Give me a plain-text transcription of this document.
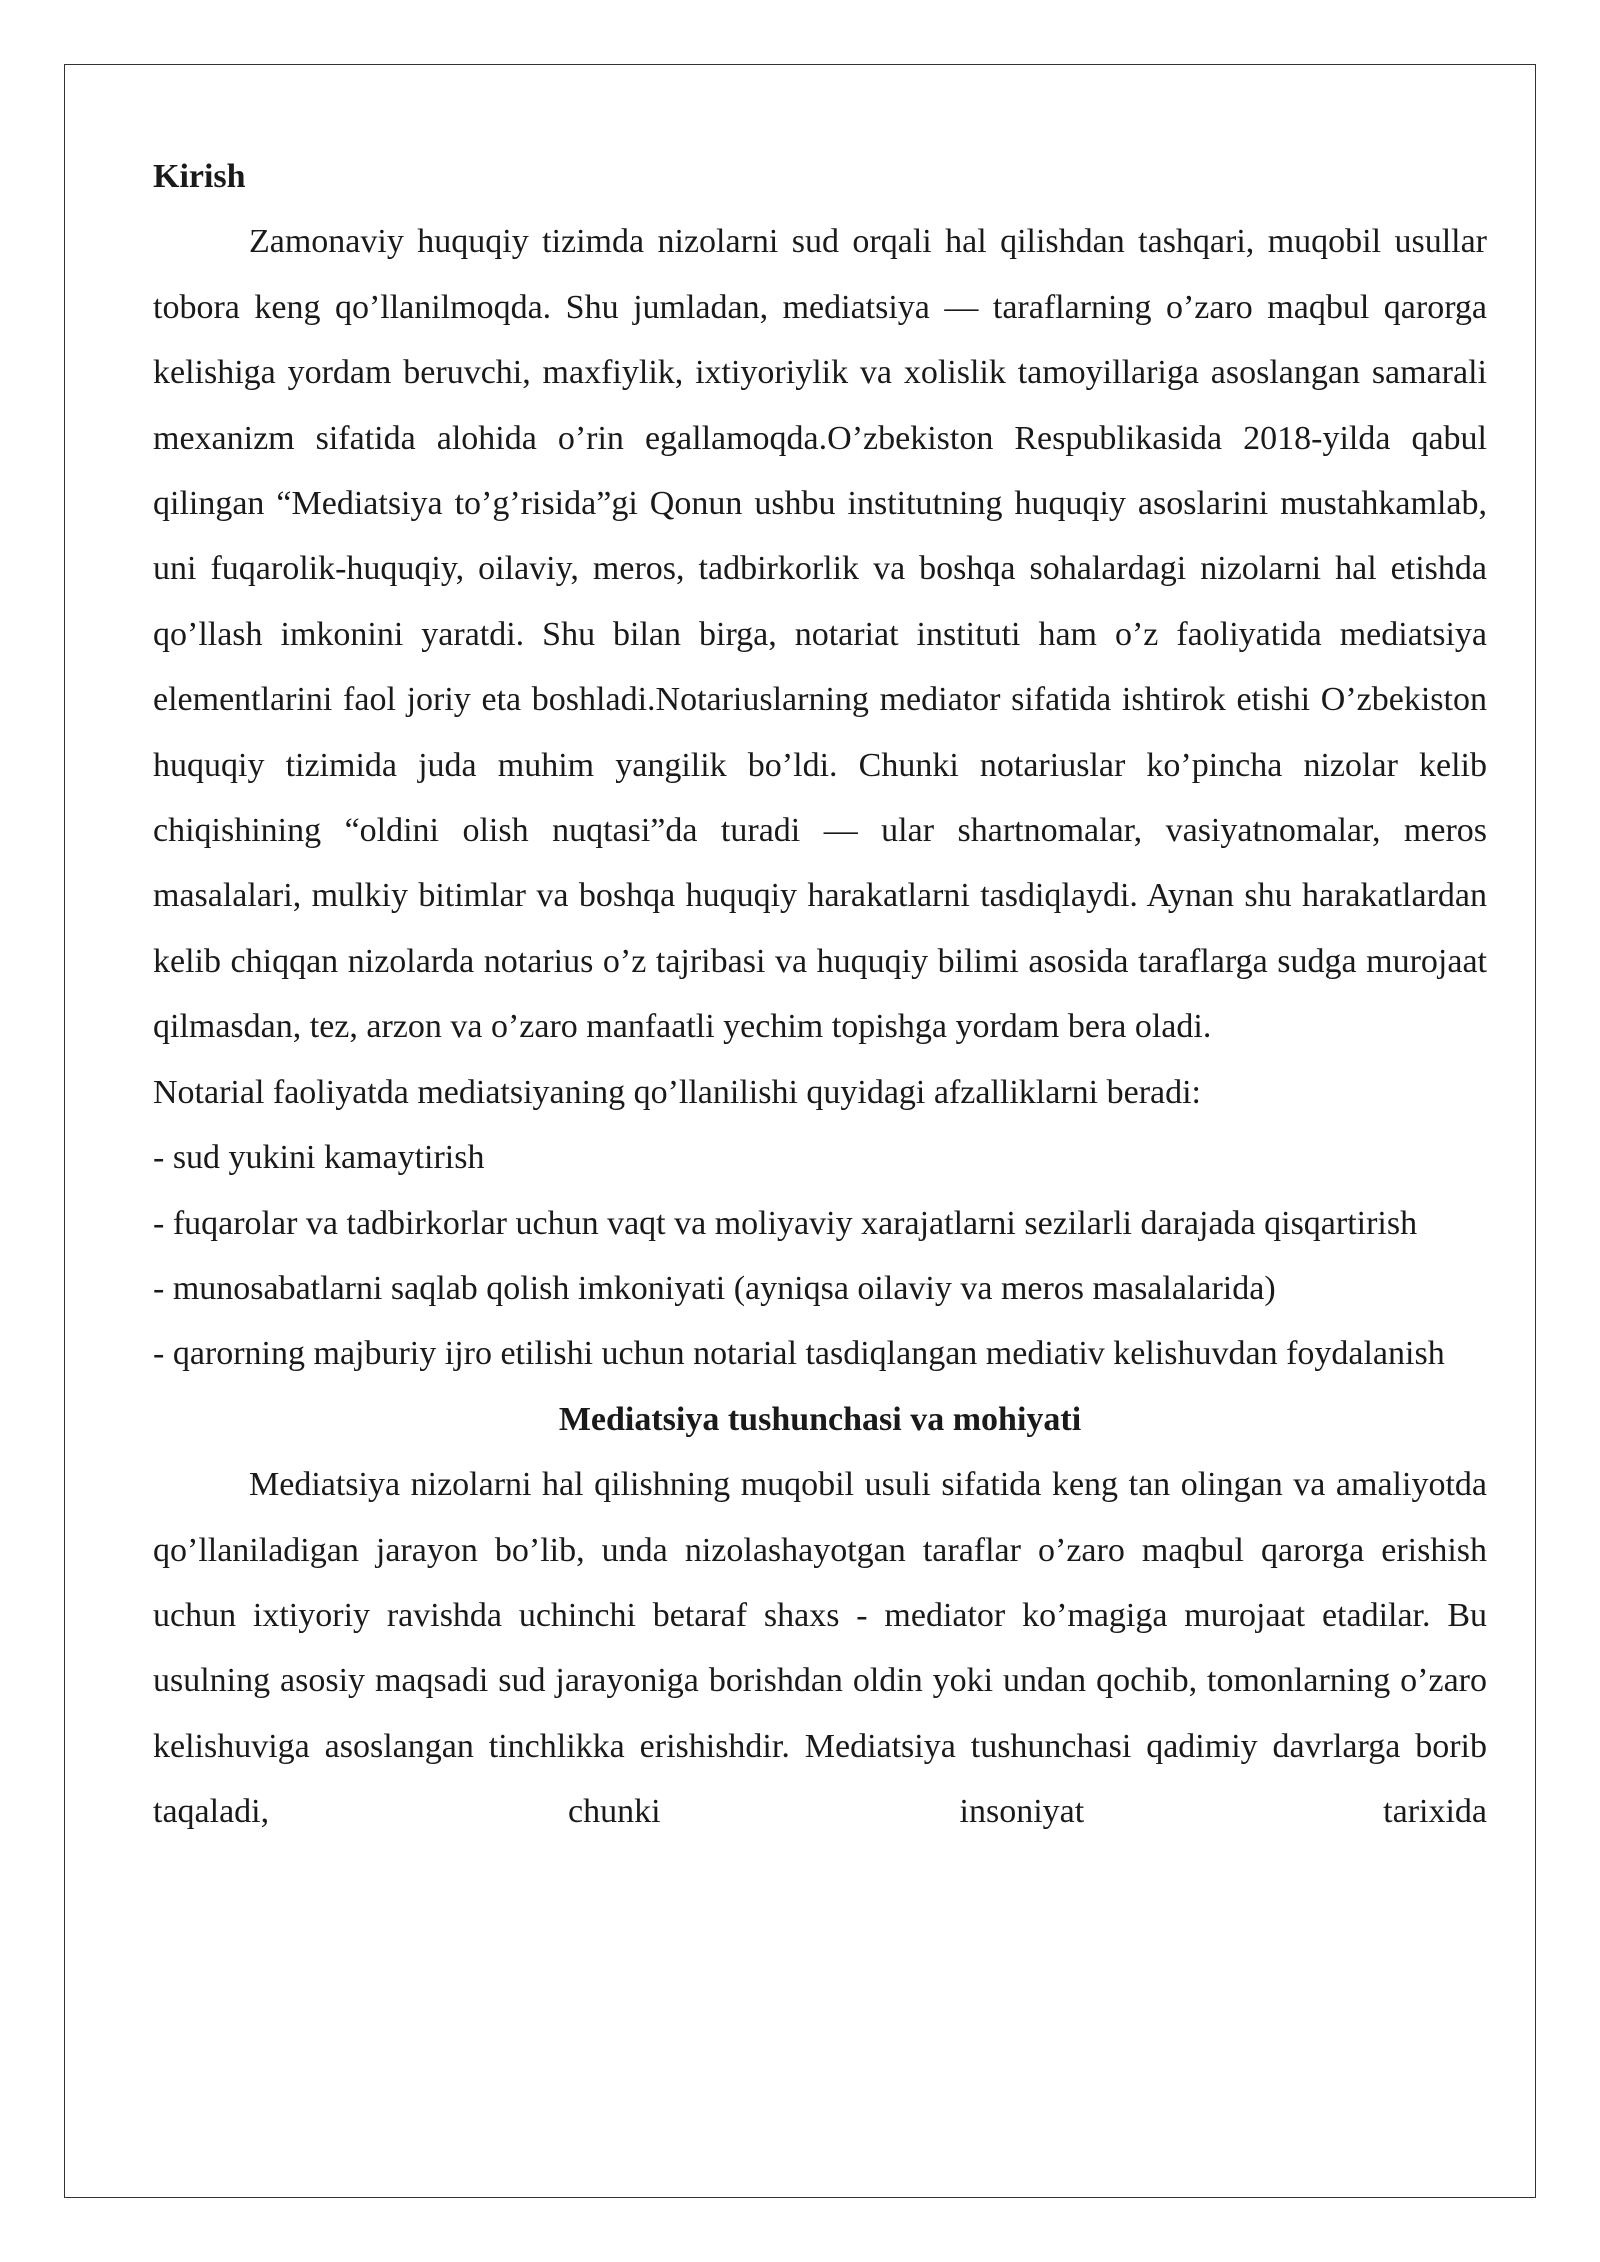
Kirish

Zamonaviy huquqiy tizimda nizolarni sud orqali hal qilishdan tashqari, muqobil usullar tobora keng qo’llanilmoqda. Shu jumladan, mediatsiya — taraflarning o’zaro maqbul qarorga kelishiga yordam beruvchi, maxfiylik, ixtiyoriylik va xolislik tamoyillariga asoslangan samarali mexanizm sifatida alohida o’rin egallamoqda.O’zbekiston Respublikasida 2018-yilda qabul qilingan “Mediatsiya to’g’risida”gi Qonun ushbu institutning huquqiy asoslarini mustahkamlab, uni fuqarolik-huquqiy, oilaviy, meros, tadbirkorlik va boshqa sohalardagi nizolarni hal etishda qo’llash imkonini yaratdi. Shu bilan birga, notariat instituti ham o’z faoliyatida mediatsiya elementlarini faol joriy eta boshladi.Notariuslarning mediator sifatida ishtirok etishi O’zbekiston huquqiy tizimida juda muhim yangilik bo’ldi. Chunki notariuslar ko’pincha nizolar kelib chiqishining “oldini olish nuqtasi”da turadi — ular shartnomalar, vasiyatnomalar, meros masalalari, mulkiy bitimlar va boshqa huquqiy harakatlarni tasdiqlaydi. Aynan shu harakatlardan kelib chiqqan nizolarda notarius o’z tajribasi va huquqiy bilimi asosida taraflarga sudga murojaat qilmasdan, tez, arzon va o’zaro manfaatli yechim topishga yordam bera oladi.

Notarial faoliyatda mediatsiyaning qo’llanilishi quyidagi afzalliklarni beradi:

- sud yukini kamaytirish

- fuqarolar va tadbirkorlar uchun vaqt va moliyaviy xarajatlarni sezilarli darajada qisqartirish

- munosabatlarni saqlab qolish imkoniyati (ayniqsa oilaviy va meros masalalarida)

- qarorning majburiy ijro etilishi uchun notarial tasdiqlangan mediativ kelishuvdan foydalanish

Mediatsiya tushunchasi va mohiyati

Mediatsiya nizolarni hal qilishning muqobil usuli sifatida keng tan olingan va amaliyotda qo’llaniladigan jarayon bo’lib, unda nizolashayotgan taraflar o’zaro maqbul qarorga erishish uchun ixtiyoriy ravishda uchinchi betaraf shaxs - mediator ko’magiga murojaat etadilar. Bu usulning asosiy maqsadi sud jarayoniga borishdan oldin yoki undan qochib, tomonlarning o’zaro kelishuviga asoslangan tinchlikka erishishdir. Mediatsiya tushunchasi qadimiy davrlarga borib taqaladi, chunki insoniyat tarixida
